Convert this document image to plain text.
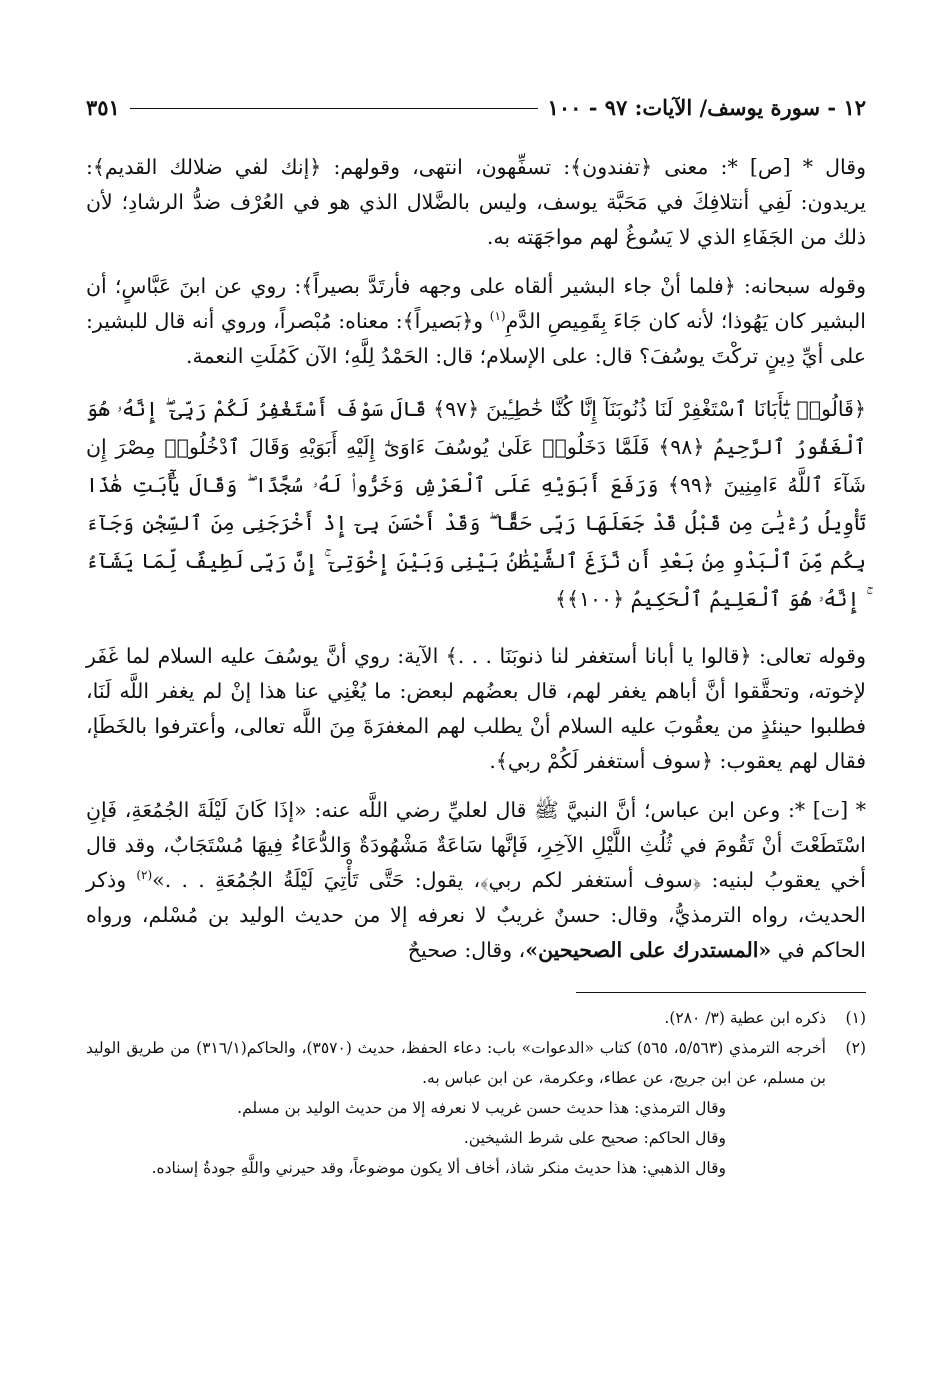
١٢ - سورة يوسف/ الآيات: ٩٧ - ١٠٠
٣٥١

وقال * [ص] *: معنى ﴿تفندون﴾: تسفِّهون، انتهى، وقولهم: ﴿إنك لفي ضلالك القديم﴾: يريدون: لَفِي أنتلافِكَ في مَحَبَّة يوسف، وليس بالضَّلال الذي هو في العُرْف ضدُّ الرشادِ؛ لأن ذلك من الجَفَاءِ الذي لا يَسُوغُ لهم مواجَهَته به.

وقوله سبحانه: ﴿فلما أنْ جاء البشير ألقاه على وجهه فأرتَدَّ بصيراً﴾: روي عن ابنَ عَبَّاسٍ؛ أن البشير كان يَهُوذا؛ لأنه كان جَاءَ بِقَمِيصِ الدَّمِ$^{(١)}$ و﴿بَصيراً﴾: معناه: مُبْصراً، وروي أنه قال للبشير: على أيِّ دِينٍ تركْتَ يوسُفَ؟ قال: على الإسلام؛ قال: الحَمْدُ لِلَّهِ؛ الآن كَمُلَتِ النعمة.

﴿قَالُوا۟ يَٰٓأَبَانَا ٱسْتَغْفِرْ لَنَا ذُنُوبَنَآ إِنَّا كُنَّا خَٰطِـِٔينَ ﴿٩٧﴾ قَالَ سَوْفَ أَسْتَغْفِرُ لَكُمْ رَبِّىٓ ۖ إِنَّهُۥ هُوَ ٱلْغَفُورُ ٱلرَّحِيمُ ﴿٩٨﴾ فَلَمَّا دَخَلُوا۟ عَلَىٰ يُوسُفَ ءَاوَىٰٓ إِلَيْهِ أَبَوَيْهِ وَقَالَ ٱدْخُلُوا۟ مِصْرَ إِن شَآءَ ٱللَّهُ ءَامِنِينَ ﴿٩٩﴾ وَرَفَعَ أَبَوَيْهِ عَلَى ٱلْعَرْشِ وَخَرُّوا۟ لَهُۥ سُجَّدًا ۖ وَقَالَ يَٰٓأَبَتِ هَٰذَا تَأْوِيلُ رُءْيَٰىَ مِن قَبْلُ قَدْ جَعَلَهَا رَبِّى حَقًّا ۖ وَقَدْ أَحْسَنَ بِىٓ إِذْ أَخْرَجَنِى مِنَ ٱلسِّجْنِ وَجَآءَ بِكُم مِّنَ ٱلْبَدْوِ مِنۢ بَعْدِ أَن نَّزَغَ ٱلشَّيْطَٰنُ بَيْنِى وَبَيْنَ إِخْوَتِىٓ ۚ إِنَّ رَبِّى لَطِيفٌ لِّمَا يَشَآءُ ۚ إِنَّهُۥ هُوَ ٱلْعَلِيمُ ٱلْحَكِيمُ ﴿١٠٠﴾﴾

وقوله تعالى: ﴿قالوا يا أبانا أستغفر لنا ذنوبَنَا . . .﴾ الآية: روي أنَّ يوسُفَ عليه السلام لما غَفَر لإخوته، وتحقَّقوا أنَّ أباهم يغفر لهم، قال بعضُهم لبعض: ما يُغْنِي عنا هذا إنْ لم يغفر اللَّه لَنَا، فطلبوا حينئذٍ من يعقُوبَ عليه السلام أنْ يطلب لهم المغفرَةَ مِنَ اللَّه تعالى، وأعترفوا بالخَطَإ، فقال لهم يعقوب: ﴿سوف أستغفر لَكُمْ ربي﴾.

* [ت] *: وعن ابن عباس؛ أنَّ النبيَّ ﷺ قال لعليِّ رضي اللَّه عنه: «إذَا كَانَ لَيْلَةَ الجُمُعَةِ، فَإنِ اسْتَطَعْتَ أنْ تَقُومَ في ثُلُثِ اللَّيْلِ الآخِرِ، فَإنَّها سَاعَةٌ مَشْهُودَةٌ وَالدُّعَاءُ فِيهَا مُسْتَجَابٌ، وقد قال أخي يعقوبُ لبنيه: ﴿سوف أستغفر لكم ربي﴾، يقول: حَتَّى تَأْتِيَ لَيْلَةُ الجُمُعَةِ . . .»$^{(٢)}$ وذكر الحديث، رواه الترمذيُّ، وقال: حسنٌ غريبٌ لا نعرفه إلا من حديث الوليد بن مُسْلم، ورواه الحاكم في «المستدرك على الصحيحين»، وقال: صحيحٌ

(١)
ذكره ابن عطية (٣/ ٢٨٠).
(٢)
أخرجه الترمذي (٥/٥٦٣، ٥٦٥) كتاب «الدعوات» باب: دعاء الحفظ، حديث (٣٥٧٠)، والحاكم(٣١٦/١) من طريق الوليد بن مسلم، عن ابن جريج، عن عطاء، وعكرمة، عن ابن عباس به.
وقال الترمذي: هذا حديث حسن غريب لا نعرفه إلا من حديث الوليد بن مسلم.
وقال الحاكم: صحيح على شرط الشيخين.
وقال الذهبي: هذا حديث منكر شاذ، أخاف ألا يكون موضوعاً، وقد حيرني واللَّهِ جودةُ إسناده.
